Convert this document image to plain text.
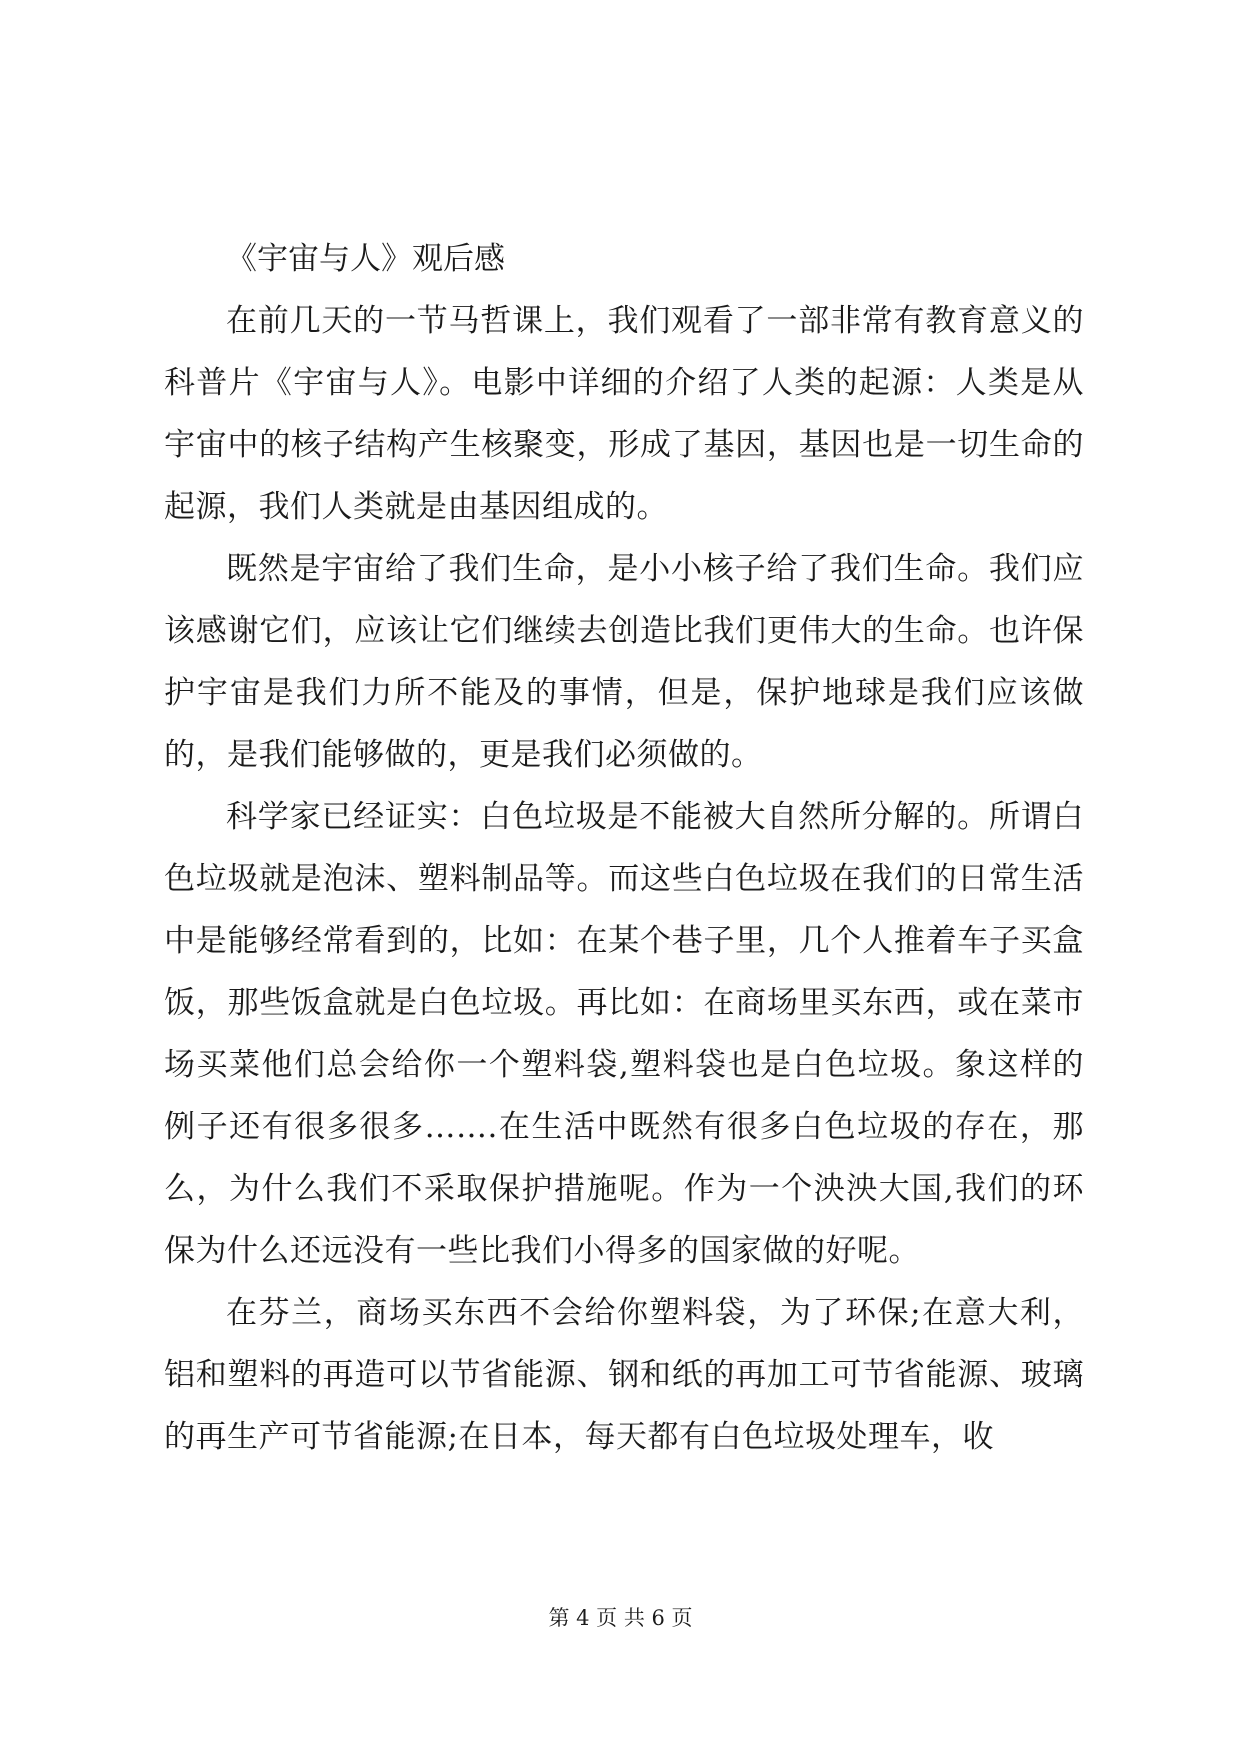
《宇宙与人》观后感

在前几天的一节马哲课上，我们观看了一部非常有教育意义的科普片《宇宙与人》。电影中详细的介绍了人类的起源：人类是从宇宙中的核子结构产生核聚变，形成了基因，基因也是一切生命的起源，我们人类就是由基因组成的。

既然是宇宙给了我们生命，是小小核子给了我们生命。我们应该感谢它们，应该让它们继续去创造比我们更伟大的生命。也许保护宇宙是我们力所不能及的事情，但是，保护地球是我们应该做的，是我们能够做的，更是我们必须做的。

科学家已经证实：白色垃圾是不能被大自然所分解的。所谓白色垃圾就是泡沫、塑料制品等。而这些白色垃圾在我们的日常生活中是能够经常看到的，比如：在某个巷子里，几个人推着车子买盒饭，那些饭盒就是白色垃圾。再比如：在商场里买东西，或在菜市场买菜他们总会给你一个塑料袋,塑料袋也是白色垃圾。象这样的例子还有很多很多…….在生活中既然有很多白色垃圾的存在，那么，为什么我们不采取保护措施呢。作为一个泱泱大国,我们的环保为什么还远没有一些比我们小得多的国家做的好呢。

在芬兰，商场买东西不会给你塑料袋，为了环保;在意大利，铝和塑料的再造可以节省能源、钢和纸的再加工可节省能源、玻璃的再生产可节省能源;在日本，每天都有白色垃圾处理车，收

第 4 页 共 6 页
